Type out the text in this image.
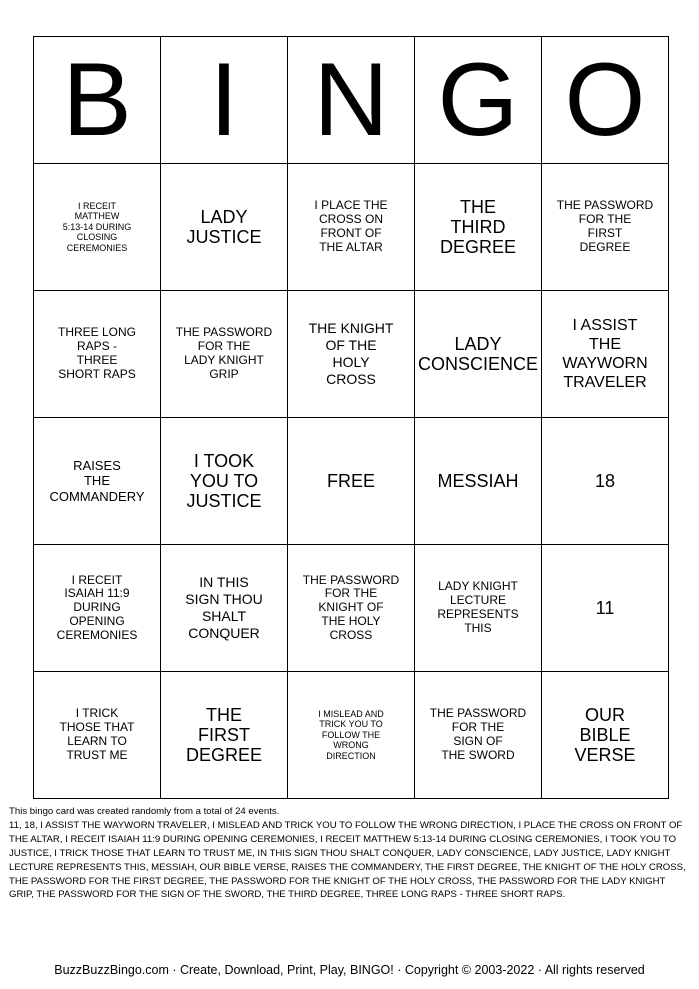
B	I	N	G	O

I RECEIT
MATTHEW
5:13-14 DURING
CLOSING
CEREMONIES	LADY
JUSTICE	I PLACE THE
CROSS ON
FRONT OF
THE ALTAR	THE
THIRD
DEGREE	THE PASSWORD
FOR THE
FIRST
DEGREE

THREE LONG
RAPS -
THREE
SHORT RAPS	THE PASSWORD
FOR THE
LADY KNIGHT
GRIP	THE KNIGHT
OF THE
HOLY
CROSS	LADY
CONSCIENCE	I ASSIST
THE
WAYWORN
TRAVELER

RAISES
THE
COMMANDERY	I TOOK
YOU TO
JUSTICE	FREE	MESSIAH	18

I RECEIT
ISAIAH 11:9
DURING
OPENING
CEREMONIES	IN THIS
SIGN THOU
SHALT
CONQUER	THE PASSWORD
FOR THE
KNIGHT OF
THE HOLY
CROSS	LADY KNIGHT
LECTURE
REPRESENTS
THIS	11

I TRICK
THOSE THAT
LEARN TO
TRUST ME	THE
FIRST
DEGREE	I MISLEAD AND
TRICK YOU TO
FOLLOW THE
WRONG
DIRECTION	THE PASSWORD
FOR THE
SIGN OF
THE SWORD	OUR
BIBLE
VERSE

This bingo card was created randomly from a total of 24 events.

11, 18, I ASSIST THE WAYWORN TRAVELER, I MISLEAD AND TRICK YOU TO FOLLOW THE WRONG DIRECTION, I PLACE THE CROSS ON FRONT OF THE ALTAR, I RECEIT ISAIAH 11:9 DURING OPENING CEREMONIES, I RECEIT MATTHEW 5:13-14 DURING CLOSING CEREMONIES, I TOOK YOU TO JUSTICE, I TRICK THOSE THAT LEARN TO TRUST ME, IN THIS SIGN THOU SHALT CONQUER, LADY CONSCIENCE, LADY JUSTICE, LADY KNIGHT LECTURE REPRESENTS THIS, MESSIAH, OUR BIBLE VERSE, RAISES THE COMMANDERY, THE FIRST DEGREE, THE KNIGHT OF THE HOLY CROSS, THE PASSWORD FOR THE FIRST DEGREE, THE PASSWORD FOR THE KNIGHT OF THE HOLY CROSS, THE PASSWORD FOR THE LADY KNIGHT GRIP, THE PASSWORD FOR THE SIGN OF THE SWORD, THE THIRD DEGREE, THREE LONG RAPS - THREE SHORT RAPS.

BuzzBuzzBingo.com · Create, Download, Print, Play, BINGO! · Copyright © 2003-2022 · All rights reserved
